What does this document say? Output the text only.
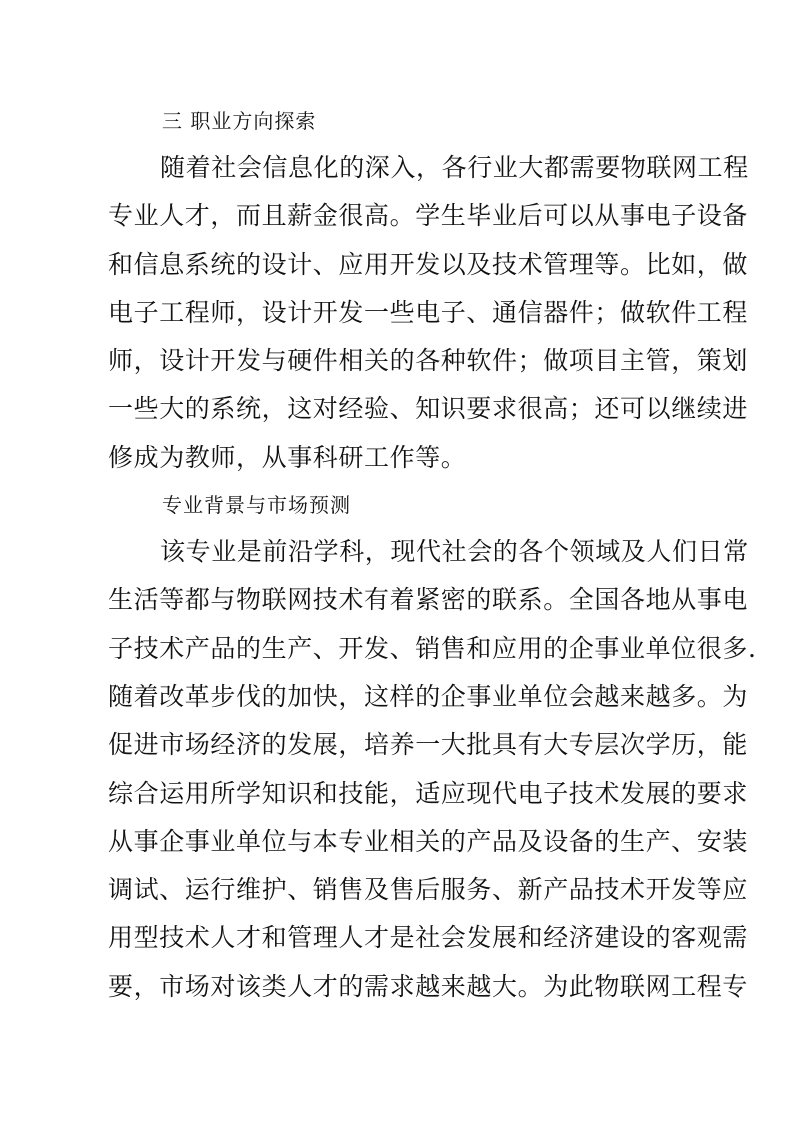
三 职业方向探索
随着社会信息化的深入，各行业大都需要物联网工程
专业人才，而且薪金很高。学生毕业后可以从事电子设备
和信息系统的设计、应用开发以及技术管理等。比如，做
电子工程师，设计开发一些电子、通信器件；做软件工程
师，设计开发与硬件相关的各种软件；做项目主管，策划
一些大的系统，这对经验、知识要求很高；还可以继续进
修成为教师，从事科研工作等。
专业背景与市场预测
该专业是前沿学科，现代社会的各个领域及人们日常
生活等都与物联网技术有着紧密的联系。全国各地从事电
子技术产品的生产、开发、销售和应用的企事业单位很多.
随着改革步伐的加快，这样的企事业单位会越来越多。为
促进市场经济的发展，培养一大批具有大专层次学历，能
综合运用所学知识和技能，适应现代电子技术发展的要求
从事企事业单位与本专业相关的产品及设备的生产、安装
调试、运行维护、销售及售后服务、新产品技术开发等应
用型技术人才和管理人才是社会发展和经济建设的客观需
要，市场对该类人才的需求越来越大。为此物联网工程专
